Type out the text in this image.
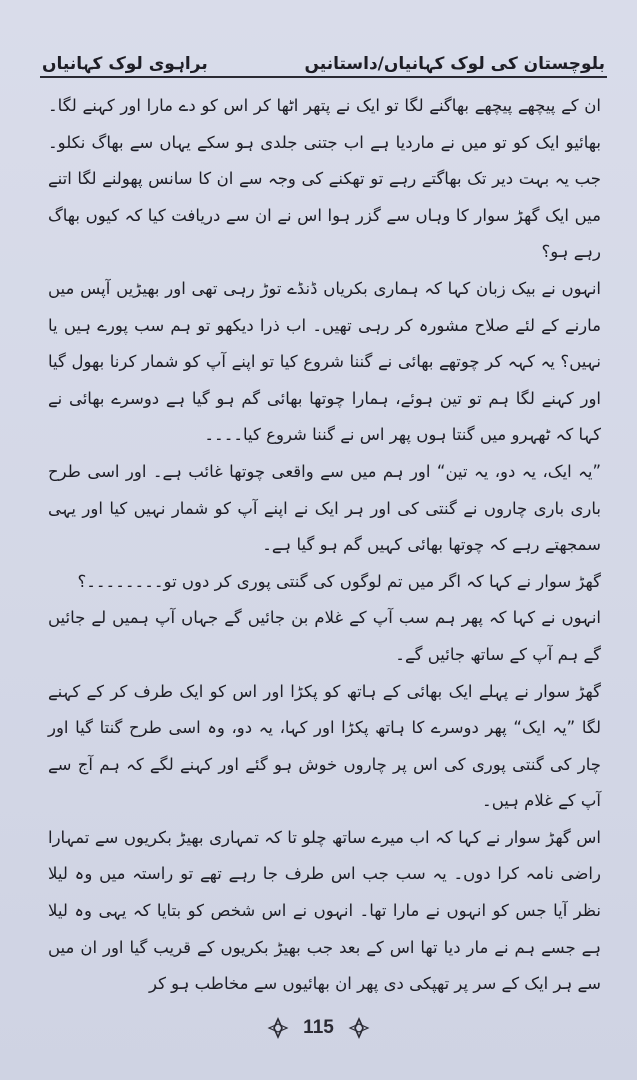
براہوی لوک کہانیاں	بلوچستان کی لوک کہانیاں/داستانیں

ان کے پیچھے پیچھے بھاگنے لگا تو ایک نے پتھر اٹھا کر اس کو دے مارا اور کہنے لگا۔ بھائیو ایک کو تو میں نے ماردیا ہے اب جتنی جلدی ہو سکے یہاں سے بھاگ نکلو۔ جب یہ بہت دیر تک بھاگتے رہے تو تھکنے کی وجہ سے ان کا سانس پھولنے لگا اتنے میں ایک گھڑ سوار کا وہاں سے گزر ہوا اس نے ان سے دریافت کیا کہ کیوں بھاگ رہے ہو؟

انہوں نے بیک زبان کہا کہ ہماری بکریاں ڈنڈے توڑ رہی تھی اور بھیڑیں آپس میں مارنے کے لئے صلاح مشورہ کر رہی تھیں۔ اب ذرا دیکھو تو ہم سب پورے ہیں یا نہیں؟ یہ کہہ کر چوتھے بھائی نے گننا شروع کیا تو اپنے آپ کو شمار کرنا بھول گیا اور کہنے لگا ہم تو تین ہوئے، ہمارا چوتھا بھائی گم ہو گیا ہے دوسرے بھائی نے کہا کہ ٹھہرو میں گنتا ہوں پھر اس نے گننا شروع کیا۔۔۔۔

”یہ ایک، یہ دو، یہ تین“ اور ہم میں سے واقعی چوتھا غائب ہے۔ اور اسی طرح باری باری چاروں نے گنتی کی اور ہر ایک نے اپنے آپ کو شمار نہیں کیا اور یہی سمجھتے رہے کہ چوتھا بھائی کہیں گم ہو گیا ہے۔

گھڑ سوار نے کہا کہ اگر میں تم لوگوں کی گنتی پوری کر دوں تو۔۔۔۔۔۔۔۔؟

انہوں نے کہا کہ پھر ہم سب آپ کے غلام بن جائیں گے جہاں آپ ہمیں لے جائیں گے ہم آپ کے ساتھ جائیں گے۔

گھڑ سوار نے پہلے ایک بھائی کے ہاتھ کو پکڑا اور اس کو ایک طرف کر کے کہنے لگا ”یہ ایک“ پھر دوسرے کا ہاتھ پکڑا اور کہا، یہ دو، وہ اسی طرح گنتا گیا اور چار کی گنتی پوری کی اس پر چاروں خوش ہو گئے اور کہنے لگے کہ ہم آج سے آپ کے غلام ہیں۔

اس گھڑ سوار نے کہا کہ اب میرے ساتھ چلو تا کہ تمہاری بھیڑ بکریوں سے تمہارا راضی نامہ کرا دوں۔ یہ سب جب اس طرف جا رہے تھے تو راستہ میں وہ لیلا نظر آیا جس کو انہوں نے مارا تھا۔ انہوں نے اس شخص کو بتایا کہ یہی وہ لیلا ہے جسے ہم نے مار دیا تھا اس کے بعد جب بھیڑ بکریوں کے قریب گیا اور ان میں سے ہر ایک کے سر پر تھپکی دی پھر ان بھائیوں سے مخاطب ہو کر

115
